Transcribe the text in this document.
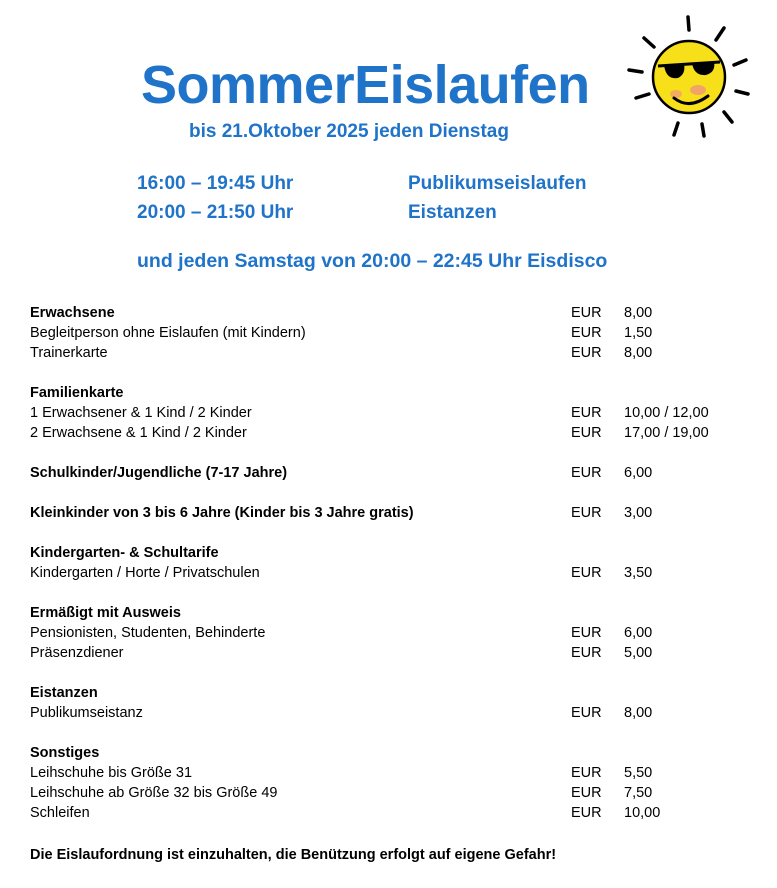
SommerEislaufen
bis 21.Oktober 2025 jeden Dienstag
16:00 – 19:45 Uhr	Publikumseislaufen
20:00 – 21:50 Uhr	Eistanzen
und jeden Samstag von 20:00 – 22:45 Uhr Eisdisco
Erwachsene	EUR 8,00
Begleitperson ohne Eislaufen (mit Kindern)	EUR 1,50
Trainerkarte	EUR 8,00
Familienkarte
1 Erwachsener & 1 Kind / 2 Kinder	EUR 10,00 / 12,00
2 Erwachsene & 1 Kind / 2 Kinder	EUR 17,00 / 19,00
Schulkinder/Jugendliche (7-17 Jahre)	EUR 6,00
Kleinkinder von 3 bis 6 Jahre (Kinder bis 3 Jahre gratis)	EUR 3,00
Kindergarten- & Schultarife
Kindergarten / Horte / Privatschulen	EUR 3,50
Ermäßigt mit Ausweis
Pensionisten, Studenten, Behinderte	EUR 6,00
Präsenzdiener	EUR 5,00
Eistanzen
Publikumseistanz	EUR 8,00
Sonstiges
Leihschuhe bis Größe 31	EUR 5,50
Leihschuhe ab Größe 32 bis Größe 49	EUR 7,50
Schleifen	EUR 10,00
Die Eislaufordnung ist einzuhalten, die Benützung erfolgt auf eigene Gefahr!
